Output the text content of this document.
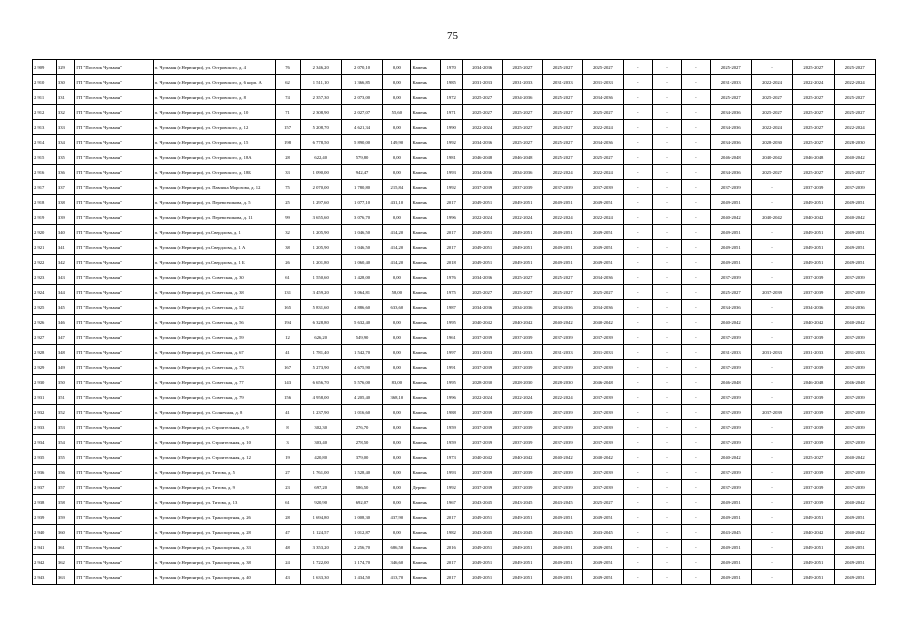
75
2 909	329	ГП "Поселок Чульман"	п. Чульман (г.Нерюнгри), ул. Островского, д. 4	76	2 346,20	2 070,10	0,00	Камень	1970	2034-2036	2025-2027	2025-2027	2025-2027	-	-	-	2025-2027	-	2025-2027	2025-2027
2 910	330	ГП "Поселок Чульман"	п. Чульман (г.Нерюнгри), ул. Островского, д. 6 корп. А	62	1 511,10	1 366,85	0,00	Камень	1985	2031-2033	2031-2033	2031-2033	2031-2033	-	-	-	2031-2033	2022-2024	2022-2024	2022-2024
2 911	331	ГП "Поселок Чульман"	п. Чульман (г.Нерюнгри), ул. Островского, д. 8	74	2 357,30	2 073,00	0,00	Камень	1972	2025-2027	2034-2036	2025-2027	2034-2036	-	-	-	2025-2027	2025-2027	2025-2027	2025-2027
2 912	332	ГП "Поселок Чульман"	п. Чульман (г.Нерюнгри), ул. Островского, д. 10	71	2 308,90	2 027,07	55,60	Камень	1971	2025-2027	2025-2027	2025-2027	2025-2027	-	-	-	2034-2036	2025-2027	2025-2027	2025-2027
2 913	333	ГП "Поселок Чульман"	п. Чульман (г.Нерюнгри), ул. Островского, д. 12	157	5 208,70	4 621,34	0,00	Камень	1990	2022-2024	2025-2027	2025-2027	2022-2024	-	-	-	2034-2036	2022-2024	2025-2027	2022-2024
2 914	334	ГП "Поселок Чульман"	п. Чульман (г.Нерюнгри), ул. Островского, д. 15	198	6 778,50	5 890,00	149,90	Камень	1992	2034-2036	2025-2027	2025-2027	2034-2036	-	-	-	2034-2036	2028-2030	2025-2027	2028-2030
2 915	335	ГП "Поселок Чульман"	п. Чульман (г.Нерюнгри), ул. Островского, д. 18А	28	622,40	579,80	0,00	Камень	1981	2046-2048	2046-2048	2025-2027	2025-2027	-	-	-	2046-2048	2040-2042	2046-2048	2040-2042
2 916	336	ГП "Поселок Чульман"	п. Чульман (г.Нерюнгри), ул. Островского, д. 18Б	33	1 090,00	942,47	0,00	Камень	1993	2034-2036	2034-2036	2022-2024	2022-2024	-	-	-	2034-2036	2025-2027	2025-2027	2025-2027
2 917	337	ГП "Поселок Чульман"	п. Чульман (г.Нерюнгри), ул. Павлика Морозова, д. 12	75	2 070,00	1 780,80	215,84	Камень	1992	2037-2039	2037-2039	2037-2039	2037-2039	-	-	-	2037-2039	-	2037-2039	2037-2039
2 918	338	ГП "Поселок Чульман"	п. Чульман (г.Нерюнгри), ул. Перевозчикова, д. 5	25	1 297,60	1 077,10	431,10	Камень	2017	2049-2051	2049-2051	2049-2051	2049-2051	-	-	-	2049-2051	-	2049-2051	2049-2051
2 919	339	ГП "Поселок Чульман"	п. Чульман (г.Нерюнгри), ул. Перевозчикова, д. 11	99	3 655,60	3 076,70	0,00	Камень	1996	2022-2024	2022-2024	2022-2024	2022-2024	-	-	-	2040-2042	2040-2042	2040-2042	2040-2042
2 920	340	ГП "Поселок Чульман"	п. Чульман (г.Нерюнгри), ул.Свердлова, д. 1	32	1 205,90	1 046,50	414,20	Камень	2017	2049-2051	2049-2051	2049-2051	2049-2051	-	-	-	2049-2051	-	2049-2051	2049-2051
2 921	341	ГП "Поселок Чульман"	п. Чульман (г.Нерюнгри), ул.Свердлова, д. 1 А	38	1 205,90	1 046,50	414,20	Камень	2017	2049-2051	2049-2051	2049-2051	2049-2051	-	-	-	2049-2051	-	2049-2051	2049-2051
2 922	342	ГП "Поселок Чульман"	п. Чульман (г.Нерюнгри), ул.Свердлова, д. 1 Б	26	1 201,80	1 060,40	414,20	Камень	2018	2049-2051	2049-2051	2049-2051	2049-2051	-	-	-	2049-2051	-	2049-2051	2049-2051
2 923	343	ГП "Поселок Чульман"	п. Чульман (г.Нерюнгри), ул. Советская, д. 30	61	1 550,60	1 428,00	0,00	Камень	1976	2034-2036	2025-2027	2025-2027	2034-2036	-	-	-	2037-2039	-	2037-2039	2037-2039
2 924	344	ГП "Поселок Чульман"	п. Чульман (г.Нерюнгри), ул. Советская, д. 38	131	3 459,20	3 064,81	58,00	Камень	1975	2025-2027	2025-2027	2025-2027	2025-2027	-	-	-	2025-2027	2037-2039	2037-2039	2037-2039
2 925	345	ГП "Поселок Чульман"	п. Чульман (г.Нерюнгри), ул. Советская, д. 52	165	5 831,60	4 886,60	633,60	Камень	1987	2034-2036	2034-2036	2034-2036	2034-2036	-	-	-	2034-2036	-	2034-2036	2034-2036
2 926	346	ГП "Поселок Чульман"	п. Чульман (г.Нерюнгри), ул. Советская, д. 56	194	6 328,80	5 632,40	0,00	Камень	1995	2040-2042	2040-2042	2040-2042	2040-2042	-	-	-	2040-2042	-	2040-2042	2040-2042
2 927	347	ГП "Поселок Чульман"	п. Чульман (г.Нерюнгри), ул. Советская, д. 59	12	626,20	549,90	0,00	Камень	1961	2037-2039	2037-2039	2037-2039	2037-2039	-	-	-	2037-2039	-	2037-2039	2037-2039
2 928	348	ГП "Поселок Чульман"	п. Чульман (г.Нерюнгри), ул. Советская, д. 67	41	1 781,40	1 542,70	0,00	Камень	1997	2031-2033	2031-2033	2031-2033	2031-2033	-	-	-	2031-2033	2031-2033	2031-2033	2031-2033
2 929	349	ГП "Поселок Чульман"	п. Чульман (г.Нерюнгри), ул. Советская, д. 73	167	5 273,90	4 675,90	0,00	Камень	1991	2037-2039	2037-2039	2037-2039	2037-2039	-	-	-	2037-2039	-	2037-2039	2037-2039
2 930	350	ГП "Поселок Чульман"	п. Чульман (г.Нерюнгри), ул. Советская, д. 77	143	6 656,70	5 576,00	83,00	Камень	1995	2028-2030	2028-2030	2028-2030	2046-2048	-	-	-	2046-2048	-	2046-2048	2046-2048
2 931	351	ГП "Поселок Чульман"	п. Чульман (г.Нерюнгри), ул. Советская, д. 79	156	4 958,00	4 205,40	368,10	Камень	1996	2022-2024	2022-2024	2022-2024	2037-2039	-	-	-	2037-2039	-	2037-2039	2037-2039
2 932	352	ГП "Поселок Чульман"	п. Чульман (г.Нерюнгри), ул. Солнечная, д. 8	41	1 237,90	1 016,60	0,00	Камень	1988	2037-2039	2037-2039	2037-2039	2037-2039	-	-	-	2037-2039	2037-2039	2037-2039	2037-2039
2 933	353	ГП "Поселок Чульман"	п. Чульман (г.Нерюнгри), ул. Строительная, д. 9	8	302,30	276,70	0,00	Камень	1959	2037-2039	2037-2039	2037-2039	2037-2039	-	-	-	2037-2039	-	2037-2039	2037-2039
2 934	354	ГП "Поселок Чульман"	п. Чульман (г.Нерюнгри), ул. Строительная, д. 10	3	303,40	278,50	0,00	Камень	1959	2037-2039	2037-2039	2037-2039	2037-2039	-	-	-	2037-2039	-	2037-2039	2037-2039
2 935	355	ГП "Поселок Чульман"	п. Чульман (г.Нерюнгри), ул. Строительная, д. 12	19	420,80	379,00	0,00	Камень	1973	2040-2042	2040-2042	2040-2042	2040-2042	-	-	-	2040-2042	-	2025-2027	2040-2042
2 936	356	ГП "Поселок Чульман"	п. Чульман (г.Нерюнгри), ул. Титова, д. 5	27	1 761,00	1 528,40	0,00	Камень	1993	2037-2039	2037-2039	2037-2039	2037-2039	-	-	-	2037-2039	-	2037-2039	2037-2039
2 937	357	ГП "Поселок Чульман"	п. Чульман (г.Нерюнгри), ул. Титова, д. 9	23	697,20	586,50	0,00	Дерево	1992	2037-2039	2037-2039	2037-2039	2037-2039	-	-	-	2037-2039	-	2037-2039	2037-2039
2 938	358	ГП "Поселок Чульман"	п. Чульман (г.Нерюнгри), ул. Титова, д. 13	61	920,90	692,07	0,00	Камень	1967	2043-2045	2043-2045	2043-2045	2025-2027	-	-	-	2049-2051	-	2037-2039	2040-2042
2 939	359	ГП "Поселок Чульман"	п. Чульман (г.Нерюнгри), ул. Транспортная, д. 26	28	1 694,80	1 008,30	437,90	Камень	2017	2049-2051	2049-2051	2049-2051	2049-2051	-	-	-	2049-2051	-	2049-2051	2049-2051
2 940	360	ГП "Поселок Чульман"	п. Чульман (г.Нерюнгри), ул. Транспортная, д. 28	47	1 124,57	1 012,87	0,00	Камень	1982	2043-2045	2043-2045	2043-2045	2043-2045	-	-	-	2043-2045	-	2040-2042	2040-2042
2 941	361	ГП "Поселок Чульман"	п. Чульман (г.Нерюнгри), ул. Транспортная, д. 33	48	3 353,20	2 256,70	686,50	Камень	2016	2049-2051	2049-2051	2049-2051	2049-2051	-	-	-	2049-2051	-	2049-2051	2049-2051
2 942	362	ГП "Поселок Чульман"	п. Чульман (г.Нерюнгри), ул. Транспортная, д. 38	24	1 722,00	1 174,70	346,60	Камень	2017	2049-2051	2049-2051	2049-2051	2049-2051	-	-	-	2049-2051	-	2049-2051	2049-2051
2 943	363	ГП "Поселок Чульман"	п. Чульман (г.Нерюнгри), ул. Транспортная, д. 40	43	1 633,30	1 434,50	413,70	Камень	2017	2049-2051	2049-2051	2049-2051	2049-2051	-	-	-	2049-2051	-	2049-2051	2049-2051
